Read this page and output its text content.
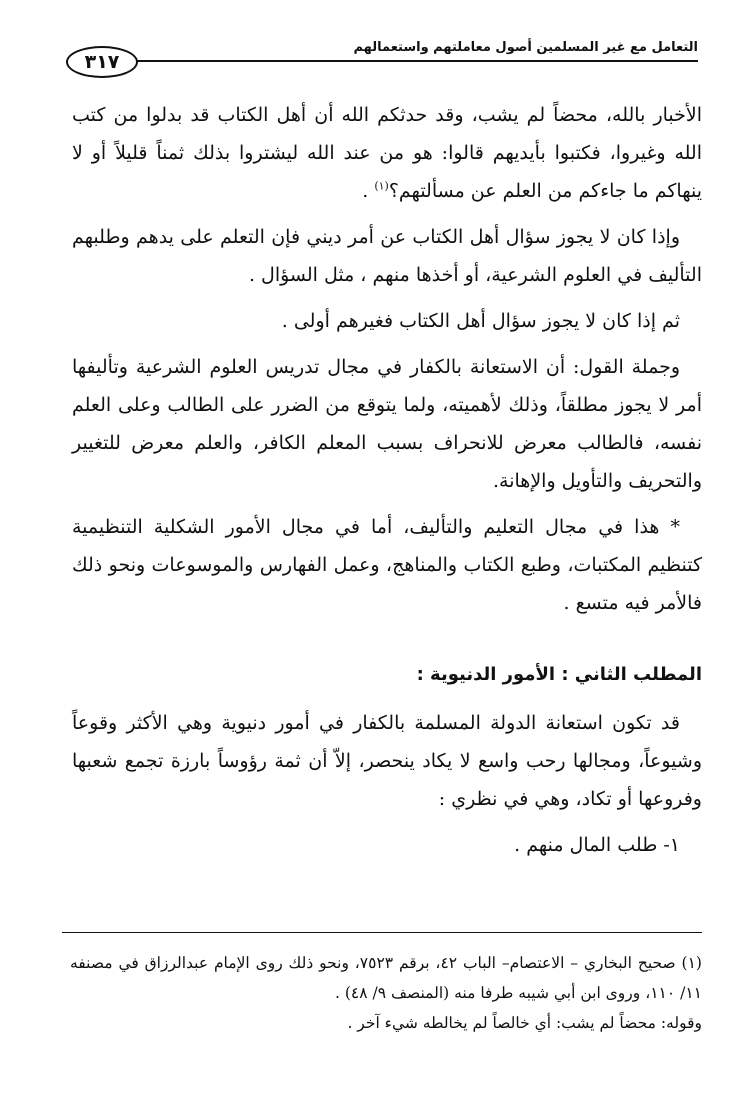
التعامل مع غير المسلمين أصول معاملتهم واستعمالهم
٣١٧

الأخبار بالله، محضاً لم يشب، وقد حدثكم الله أن أهل الكتاب قد بدلوا من كتب الله وغيروا، فكتبوا بأيديهم قالوا: هو من عند الله ليشتروا بذلك ثمناً قليلاً أو لا ينهاكم ما جاءكم من العلم عن مسألتهم؟$^{(١)}$ .

وإذا كان لا يجوز سؤال أهل الكتاب عن أمر ديني فإن التعلم على يدهم وطلبهم التأليف في العلوم الشرعية، أو أخذها منهم ، مثل السؤال .

ثم إذا كان لا يجوز سؤال أهل الكتاب فغيرهم أولى .

وجملة القول: أن الاستعانة بالكفار في مجال تدريس العلوم الشرعية وتأليفها أمر لا يجوز مطلقاً، وذلك لأهميته، ولما يتوقع من الضرر على الطالب وعلى العلم نفسه، فالطالب معرض للانحراف بسبب المعلم الكافر، والعلم معرض للتغيير والتحريف والتأويل والإهانة.

* هذا في مجال التعليم والتأليف، أما في مجال الأمور الشكلية التنظيمية كتنظيم المكتبات، وطبع الكتاب والمناهج، وعمل الفهارس والموسوعات ونحو ذلك فالأمر فيه متسع .

المطلب الثاني : الأمور الدنيوية :

قد تكون استعانة الدولة المسلمة بالكفار في أمور دنيوية وهي الأكثر وقوعاً وشيوعاً، ومجالها رحب واسع لا يكاد ينحصر، إلاّ أن ثمة رؤوساً بارزة تجمع شعبها وفروعها أو تكاد، وهي في نظري :

١- طلب المال منهم .

(١) صحيح البخاري – الاعتصام– الباب ٤٢، برقم ٧٥٢٣، ونحو ذلك روى الإمام عبدالرزاق في مصنفه ١١/ ١١٠، وروى ابن أبي شيبه طرفا منه (المنصف ٩/ ٤٨) .

وقوله: محضاً لم يشب: أي خالصاً لم يخالطه شيء آخر .
